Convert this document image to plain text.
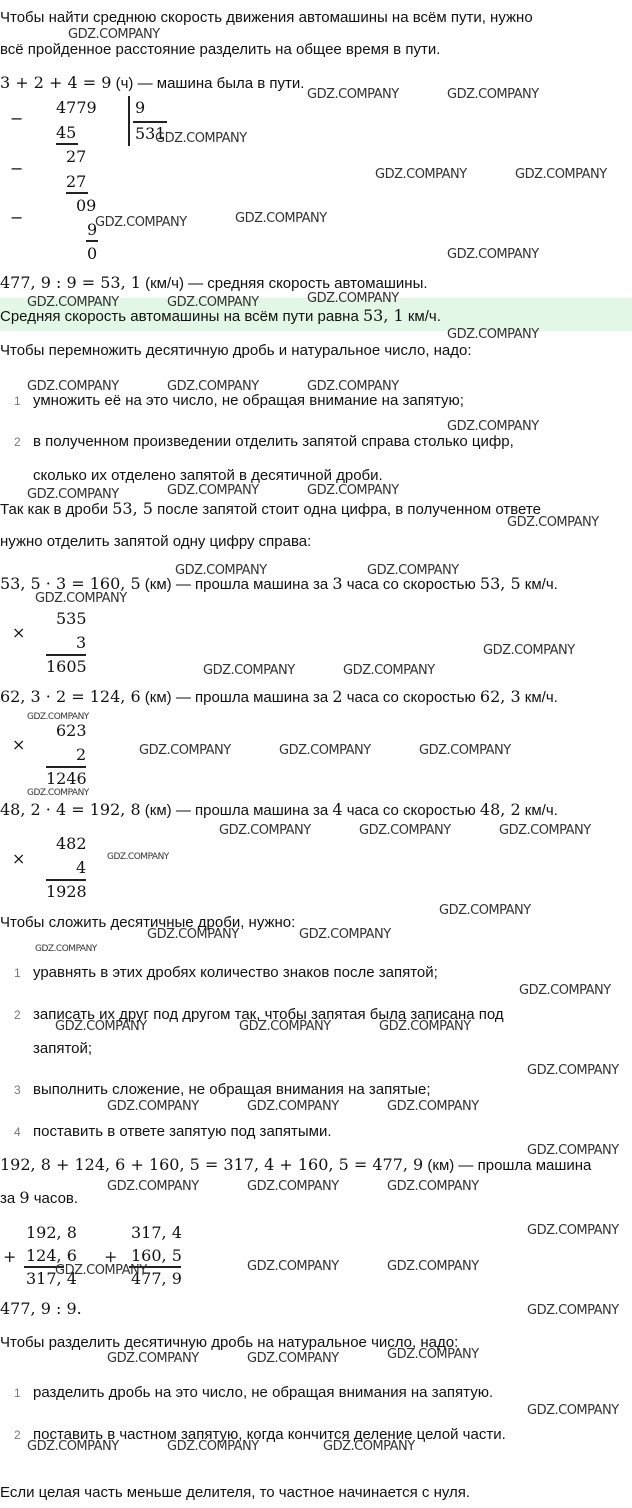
Чтобы найти среднюю скорость движения автомашины на всём пути, нужно
всё пройденное расстояние разделить на общее время в пути.
3 + 2 + 4 = 9 (ч) — машина была в пути.
−
−
−
4779 9
531
45
27
27
09
9
0
477, 9 : 9 = 53, 1 (км/ч) — средняя скорость автомашины.
Средняя скорость автомашины на всём пути равна 53, 1 км/ч.
Чтобы перемножить десятичную дробь и натуральное число, надо:
1 умножить её на это число, не обращая внимание на запятую;
2 в полученном произведении отделить запятой справа столько цифр,
сколько их отделено запятой в десятичной дроби.
Так как в дроби 53, 5 после запятой стоит одна цифра, в полученном ответе
нужно отделить запятой одну цифру справа:
53, 5 · 3 = 160, 5 (км) — прошла машина за 3 часа со скоростью 53, 5 км/ч.
×
535
3
1605
62, 3 · 2 = 124, 6 (км) — прошла машина за 2 часа со скоростью 62, 3 км/ч.
×
623
2
1246
48, 2 · 4 = 192, 8 (км) — прошла машина за 4 часа со скоростью 48, 2 км/ч.
×
482
4
1928
Чтобы сложить десятичные дроби, нужно:
1 уравнять в этих дробях количество знаков после запятой;
2 записать их друг под другом так, чтобы запятая была записана под
запятой;
3 выполнить сложение, не обращая внимания на запятые;
4 поставить в ответе запятую под запятыми.
192, 8 + 124, 6 + 160, 5 = 317, 4 + 160, 5 = 477, 9 (км) — прошла машина
за 9 часов.
+
192, 8
124, 6
317, 4
+
317, 4
160, 5
477, 9
477, 9 : 9.
Чтобы разделить десятичную дробь на натуральное число, надо:
1 разделить дробь на это число, не обращая внимания на запятую.
2 поставить в частном запятую, когда кончится деление целой части.
Если целая часть меньше делителя, то частное начинается с нуля.
GDZ.COMPANY
GDZ.COMPANY	GDZ.COMPANY
GDZ.COMPANY
GDZ.COMPANY	GDZ.COMPANY
GDZ.COMPANY	GDZ.COMPANY
GDZ.COMPANY
GDZ.COMPANY	GDZ.COMPANY	GDZ.COMPANY
GDZ.COMPANY
GDZ.COMPANY	GDZ.COMPANY	GDZ.COMPANY
GDZ.COMPANY
GDZ.COMPANY	GDZ.COMPANY	GDZ.COMPANY
GDZ.COMPANY
GDZ.COMPANY	GDZ.COMPANY
GDZ.COMPANY
GDZ.COMPANY
GDZ.COMPANY	GDZ.COMPANY
GDZ.COMPANY
GDZ.COMPANY	GDZ.COMPANY	GDZ.COMPANY
GDZ.COMPANY
GDZ.COMPANY	GDZ.COMPANY	GDZ.COMPANY
GDZ.COMPANY
GDZ.COMPANY
GDZ.COMPANY	GDZ.COMPANY
GDZ.COMPANY
GDZ.COMPANY
GDZ.COMPANY	GDZ.COMPANY	GDZ.COMPANY
GDZ.COMPANY
GDZ.COMPANY	GDZ.COMPANY	GDZ.COMPANY
GDZ.COMPANY
GDZ.COMPANY	GDZ.COMPANY	GDZ.COMPANY
GDZ.COMPANY
GDZ.COMPANY	GDZ.COMPANY	GDZ.COMPANY
GDZ.COMPANY
GDZ.COMPANY	GDZ.COMPANY	GDZ.COMPANY
GDZ.COMPANY
GDZ.COMPANY	GDZ.COMPANY	GDZ.COMPANY
